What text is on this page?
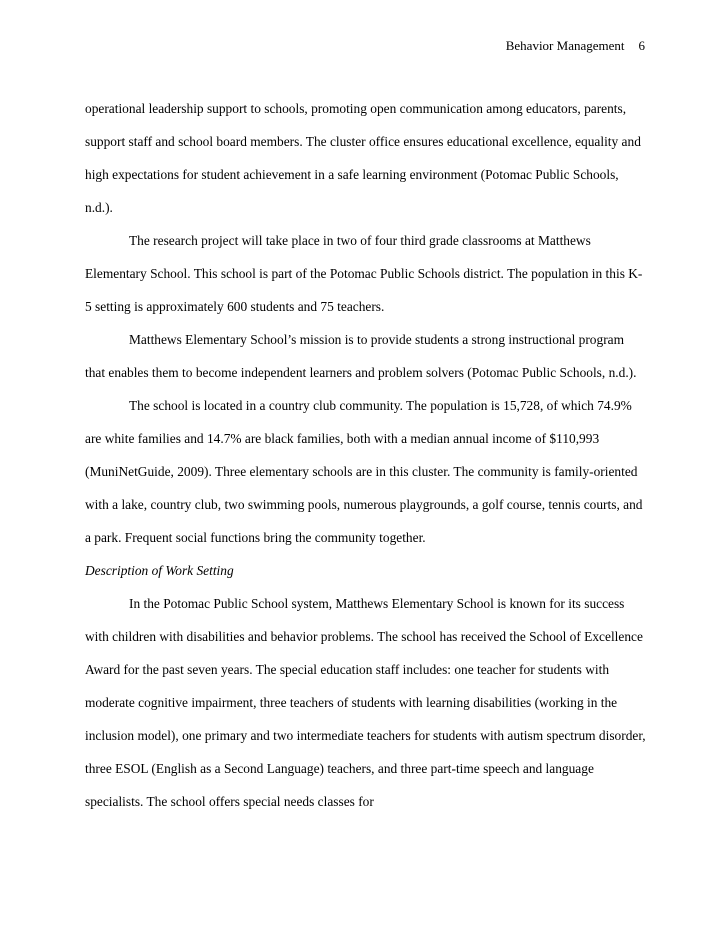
Behavior Management 6

operational leadership support to schools, promoting open communication among educators, parents, support staff and school board members. The cluster office ensures educational excellence, equality and high expectations for student achievement in a safe learning environment (Potomac Public Schools, n.d.).

The research project will take place in two of four third grade classrooms at Matthews Elementary School. This school is part of the Potomac Public Schools district. The population in this K-5 setting is approximately 600 students and 75 teachers.

Matthews Elementary School’s mission is to provide students a strong instructional program that enables them to become independent learners and problem solvers (Potomac Public Schools, n.d.).

The school is located in a country club community. The population is 15,728, of which 74.9% are white families and 14.7% are black families, both with a median annual income of $110,993 (MuniNetGuide, 2009). Three elementary schools are in this cluster. The community is family-oriented with a lake, country club, two swimming pools, numerous playgrounds, a golf course, tennis courts, and a park. Frequent social functions bring the community together.

Description of Work Setting

In the Potomac Public School system, Matthews Elementary School is known for its success with children with disabilities and behavior problems. The school has received the School of Excellence Award for the past seven years. The special education staff includes: one teacher for students with moderate cognitive impairment, three teachers of students with learning disabilities (working in the inclusion model), one primary and two intermediate teachers for students with autism spectrum disorder, three ESOL (English as a Second Language) teachers, and three part-time speech and language specialists. The school offers special needs classes for
